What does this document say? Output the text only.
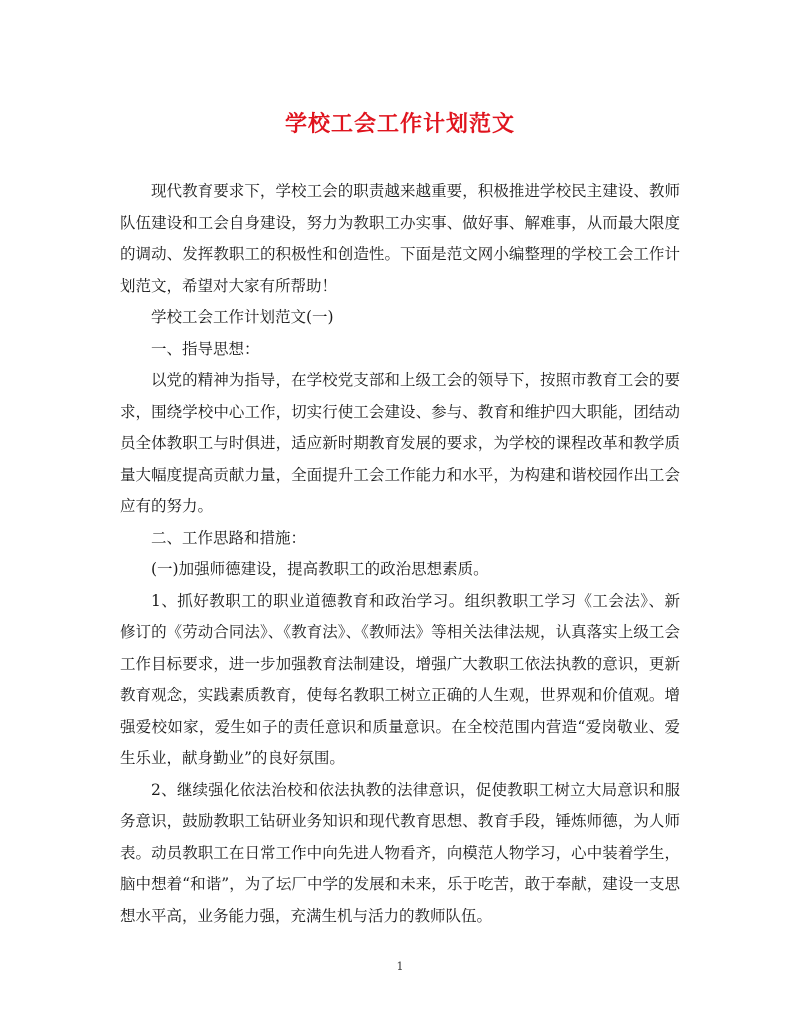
学校工会工作计划范文

现代教育要求下，学校工会的职责越来越重要，积极推进学校民主建设、教师队伍建设和工会自身建设，努力为教职工办实事、做好事、解难事，从而最大限度的调动、发挥教职工的积极性和创造性。下面是范文网小编整理的学校工会工作计划范文，希望对大家有所帮助！

学校工会工作计划范文(一)

一、指导思想：

以党的精神为指导，在学校党支部和上级工会的领导下，按照市教育工会的要求，围绕学校中心工作，切实行使工会建设、参与、教育和维护四大职能，团结动员全体教职工与时俱进，适应新时期教育发展的要求，为学校的课程改革和教学质量大幅度提高贡献力量，全面提升工会工作能力和水平，为构建和谐校园作出工会应有的努力。

二、工作思路和措施：

(一)加强师德建设，提高教职工的政治思想素质。

1、抓好教职工的职业道德教育和政治学习。组织教职工学习《工会法》、新修订的《劳动合同法》、《教育法》、《教师法》等相关法律法规，认真落实上级工会工作目标要求，进一步加强教育法制建设，增强广大教职工依法执教的意识，更新教育观念，实践素质教育，使每名教职工树立正确的人生观，世界观和价值观。增强爱校如家，爱生如子的责任意识和质量意识。在全校范围内营造“爱岗敬业、爱生乐业，献身勤业”的良好氛围。

2、继续强化依法治校和依法执教的法律意识，促使教职工树立大局意识和服务意识，鼓励教职工钻研业务知识和现代教育思想、教育手段，锤炼师德，为人师表。动员教职工在日常工作中向先进人物看齐，向模范人物学习，心中装着学生，脑中想着“和谐”，为了坛厂中学的发展和未来，乐于吃苦，敢于奉献，建设一支思想水平高，业务能力强，充满生机与活力的教师队伍。

1
